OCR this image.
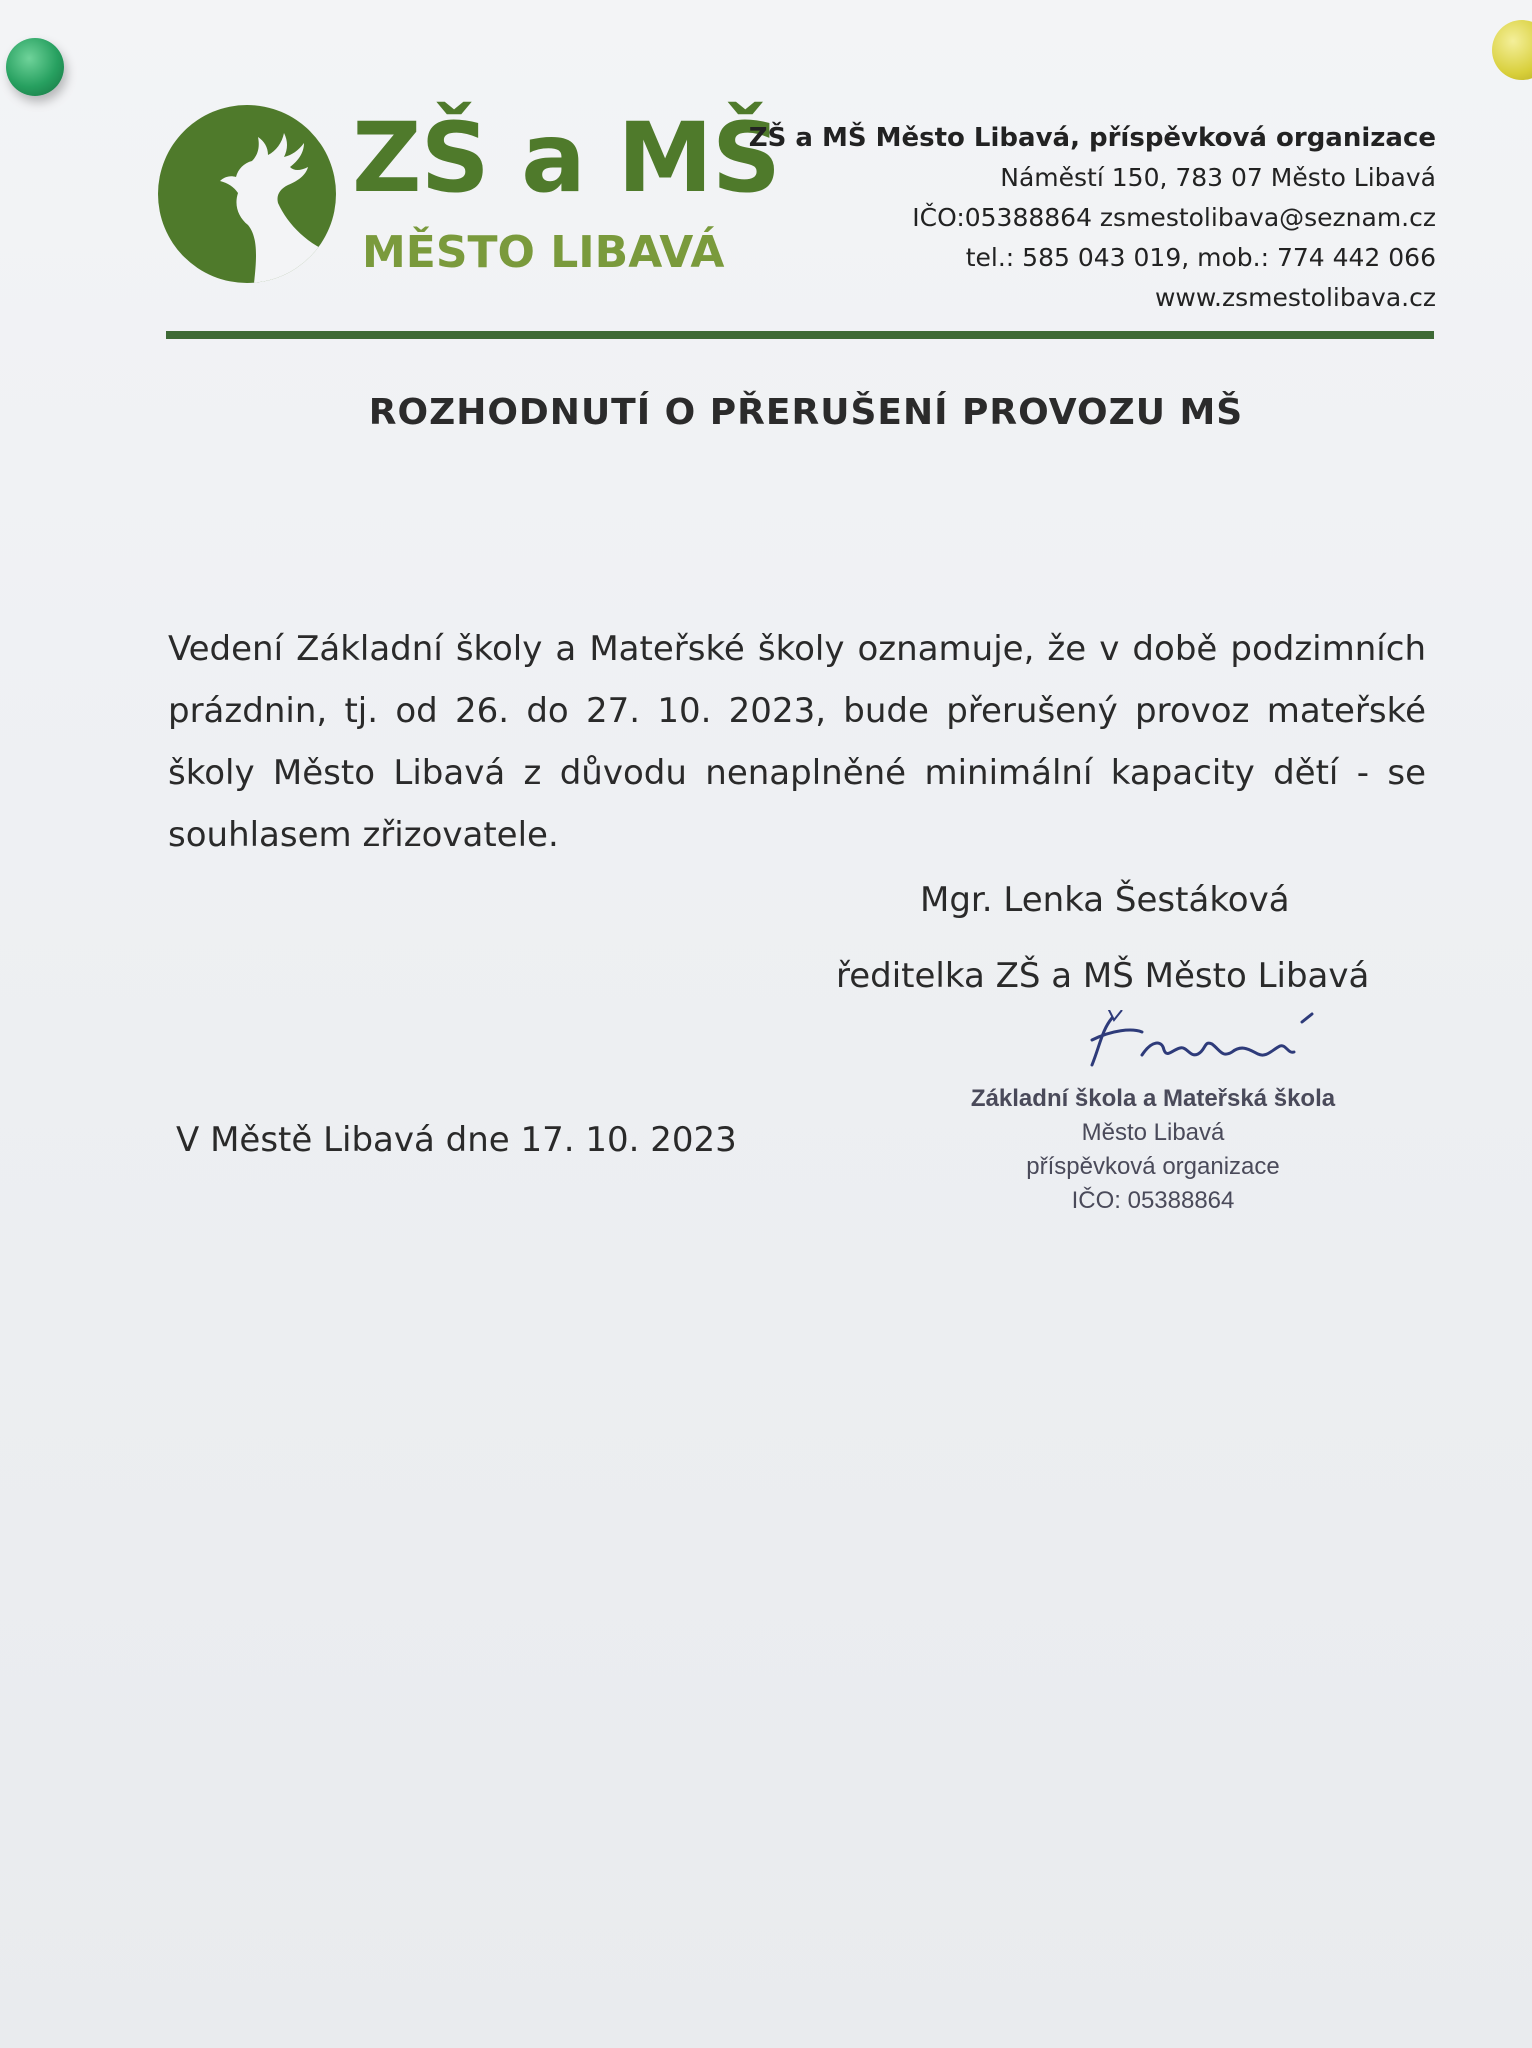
ZŠ a MŠ
MĚSTO LIBAVÁ
ZŠ a MŠ Město Libavá, příspěvková organizace
Náměstí 150, 783 07 Město Libavá
IČO:05388864 zsmestolibava@seznam.cz
tel.: 585 043 019, mob.: 774 442 066
www.zsmestolibava.cz
ROZHODNUTÍ O PŘERUŠENÍ PROVOZU MŠ
Vedení Základní školy a Mateřské školy oznamuje, že v době podzimních prázdnin, tj. od 26. do 27. 10. 2023, bude přerušený provoz mateřské školy Město Libavá z důvodu nenaplněné minimální kapacity dětí - se souhlasem zřizovatele.
Mgr. Lenka Šestáková
ředitelka ZŠ a MŠ Město Libavá
Základní škola a Mateřská škola
Město Libavá
příspěvková organizace
IČO: 05388864
V Městě Libavá dne 17. 10. 2023
